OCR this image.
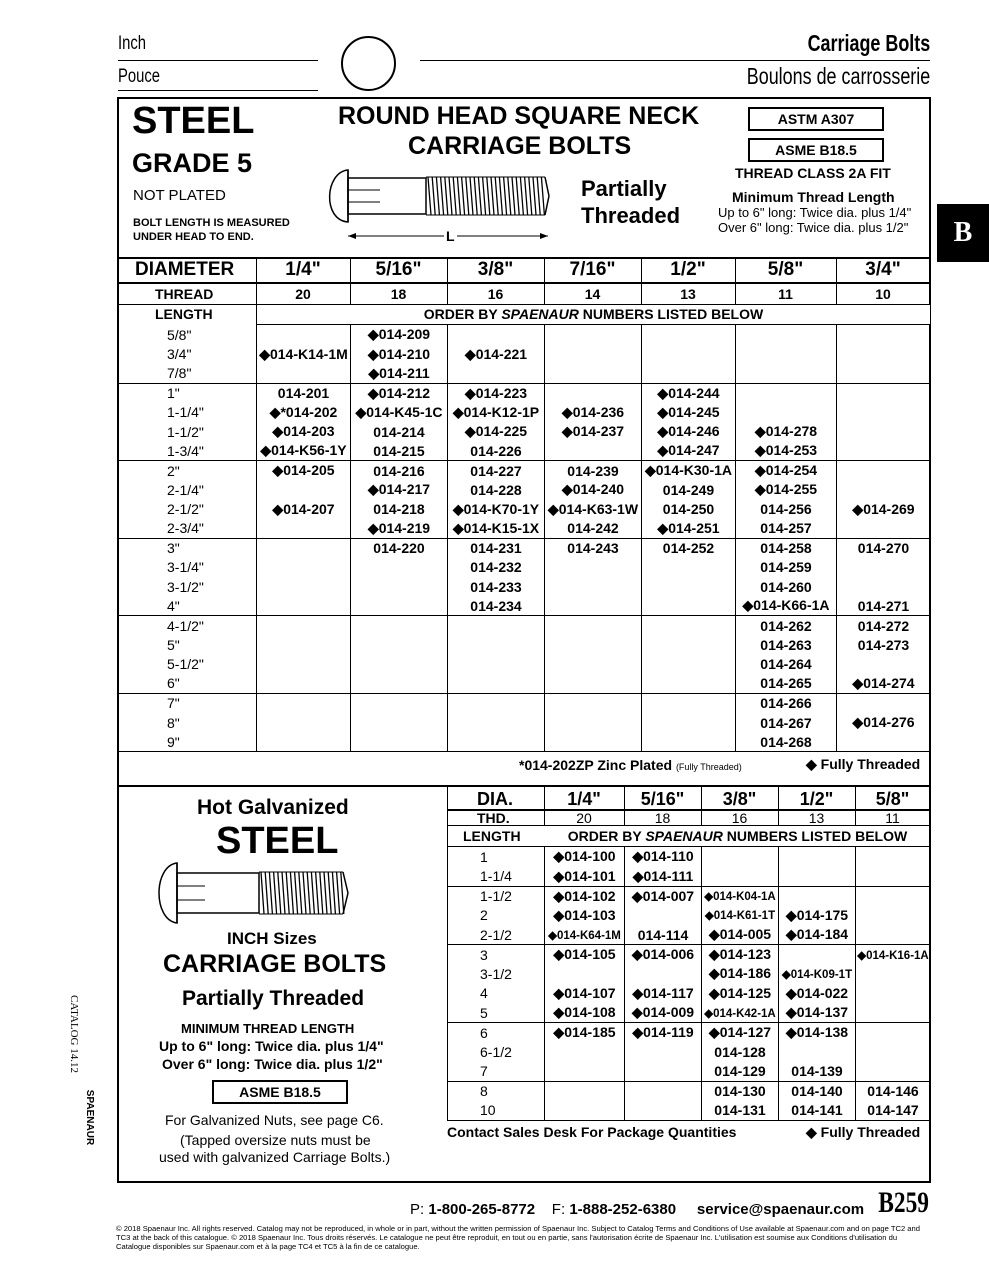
Inch
Pouce
Carriage Bolts
Boulons de carrosserie
B
CATALOG 14.12
SPAENAUR
STEEL
GRADE 5
NOT PLATED
BOLT LENGTH IS MEASURED
UNDER HEAD TO END.
ROUND HEAD SQUARE NECK
CARRIAGE BOLTS
L
Partially
Threaded
ASTM A307
ASME B18.5
THREAD CLASS 2A FIT
Minimum Thread Length
Up to 6" long: Twice dia. plus 1/4"
Over 6" long: Twice dia. plus 1/2"
DIAMETER
THREAD
LENGTH
1/4"
20
5/16"
18
3/8"
16
7/16"
14
1/2"
13
5/8"
11
3/4"
10
ORDER BY SPAENAUR NUMBERS LISTED BELOW
5/8"		◆014-209					
3/4"	◆014-K14-1M	◆014-210	◆014-221				
7/8"		◆014-211					
1"	014-201	◆014-212	◆014-223		◆014-244		
1-1/4"	◆*014-202	◆014-K45-1C	◆014-K12-1P	◆014-236	◆014-245		
1-1/2"	◆014-203	014-214	◆014-225	◆014-237	◆014-246	◆014-278	
1-3/4"	◆014-K56-1Y	014-215	014-226		◆014-247	◆014-253	
2"	◆014-205	014-216	014-227	014-239	◆014-K30-1A	◆014-254	
2-1/4"		◆014-217	014-228	◆014-240	014-249	◆014-255	
2-1/2"	◆014-207	014-218	◆014-K70-1Y	◆014-K63-1W	014-250	014-256	◆014-269
2-3/4"		◆014-219	◆014-K15-1X	014-242	◆014-251	014-257	
3"		014-220	014-231	014-243	014-252	014-258	014-270
3-1/4"			014-232			014-259	
3-1/2"			014-233			014-260	
4"			014-234			◆014-K66-1A	014-271
4-1/2"						014-262	014-272
5"						014-263	014-273
5-1/2"						014-264	
6"						014-265	◆014-274
7"						014-266	
8"						014-267	◆014-276
9"						014-268	
*014-202ZP Zinc Plated (Fully Threaded)	◆ Fully Threaded
Hot Galvanized
STEEL
INCH Sizes
CARRIAGE BOLTS
Partially Threaded
MINIMUM THREAD LENGTH
Up to 6" long: Twice dia. plus 1/4"
Over 6" long: Twice dia. plus 1/2"
ASME B18.5
For Galvanized Nuts, see page C6.
(Tapped oversize nuts must be
used with galvanized Carriage Bolts.)
DIA.
THD.
LENGTH
1/4"
20
5/16"
18
3/8"
16
1/2"
13
5/8"
11
ORDER BY SPAENAUR NUMBERS LISTED BELOW
1	◆014-100	◆014-110			
1-1/4	◆014-101	◆014-111			
1-1/2	◆014-102	◆014-007	◆014-K04-1A		
2	◆014-103		◆014-K61-1T	◆014-175	
2-1/2	◆014-K64-1M	014-114	◆014-005	◆014-184	
3	◆014-105	◆014-006	◆014-123		◆014-K16-1A
3-1/2			◆014-186	◆014-K09-1T	
4	◆014-107	◆014-117	◆014-125	◆014-022	
5	◆014-108	◆014-009	◆014-K42-1A	◆014-137	
6	◆014-185	◆014-119	◆014-127	◆014-138	
6-1/2			014-128		
7			014-129	014-139	
8			014-130	014-140	014-146
10			014-131	014-141	014-147
Contact Sales Desk For Package Quantities	◆ Fully Threaded
P: 1-800-265-8772 F: 1-888-252-6380 service@spaenaur.com B259
© 2018 Spaenaur Inc. All rights reserved. Catalog may not be reproduced, in whole or in part, without the written permission of Spaenaur Inc. Subject to Catalog Terms and Conditions of Use available at Spaenaur.com and on page TC2 and TC3 at the back of this catalogue. © 2018 Spaenaur Inc. Tous droits réservés. Le catalogue ne peut être reproduit, en tout ou en partie, sans l'autorisation écrite de Spaenaur Inc. L'utilisation est soumise aux Conditions d'utilisation du Catalogue disponibles sur Spaenaur.com et à la page TC4 et TC5 à la fin de ce catalogue.
